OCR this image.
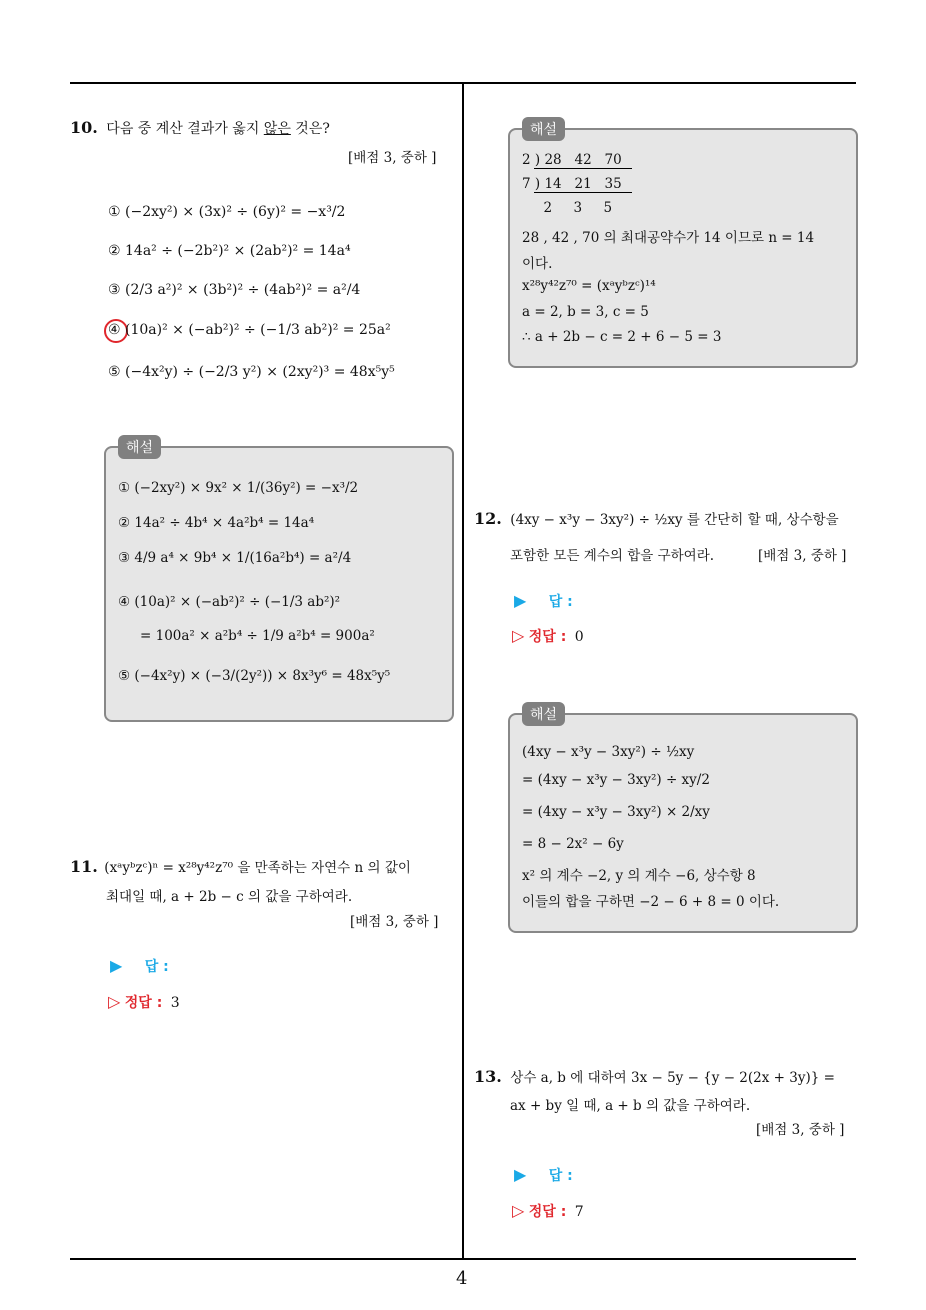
10. 다음 중 계산 결과가 옳지 않은 것은?
[배점 3, 중하 ]
① (−2xy²) × (3x)² ÷ (6y)² = −x³/2
② 14a² ÷ (−2b²)² × (2ab²)² = 14a⁴
③ (2/3 a²)² × (3b²)² ÷ (4ab²)² = a²/4
④ (10a)² × (−ab²)² ÷ (−1/3 ab²)² = 25a²
⑤ (−4x²y) ÷ (−2/3 y²) × (2xy²)³ = 48x⁵y⁵
해설
① (−2xy²) × 9x² × 1/(36y²) = −x³/2
② 14a² ÷ 4b⁴ × 4a²b⁴ = 14a⁴
③ 4/9 a⁴ × 9b⁴ × 1/(16a²b⁴) = a²/4
④ (10a)² × (−ab²)² ÷ (−1/3 ab²)²
= 100a² × a²b⁴ ÷ 1/9 a²b⁴ = 900a²
⑤ (−4x²y) × (−3/(2y²)) × 8x³y⁶ = 48x⁵y⁵
11. (xᵃyᵇzᶜ)ⁿ = x²⁸y⁴²z⁷⁰ 을 만족하는 자연수 n 의 값이
최대일 때, a + 2b − c 의 값을 구하여라.
[배점 3, 중하 ]
▶ 답 :
▷ 정답 : 3
해설
2 ) 28   42   70
7 ) 14   21   35
2     3     5
28 , 42 , 70 의 최대공약수가 14 이므로 n = 14
이다.
x²⁸y⁴²z⁷⁰ = (xᵃyᵇzᶜ)¹⁴
a = 2, b = 3, c = 5
∴ a + 2b − c = 2 + 6 − 5 = 3
12. (4xy − x³y − 3xy²) ÷ ½xy 를 간단히 할 때, 상수항을
포함한 모든 계수의 합을 구하여라.	[배점 3, 중하 ]
▶ 답 :
▷ 정답 : 0
해설
(4xy − x³y − 3xy²) ÷ ½xy
= (4xy − x³y − 3xy²) ÷ xy/2
= (4xy − x³y − 3xy²) × 2/xy
= 8 − 2x² − 6y
x² 의 계수 −2, y 의 계수 −6, 상수항 8
이들의 합을 구하면 −2 − 6 + 8 = 0 이다.
13. 상수 a, b 에 대하여 3x − 5y − {y − 2(2x + 3y)} =
ax + by 일 때, a + b 의 값을 구하여라.
[배점 3, 중하 ]
▶ 답 :
▷ 정답 : 7
4
